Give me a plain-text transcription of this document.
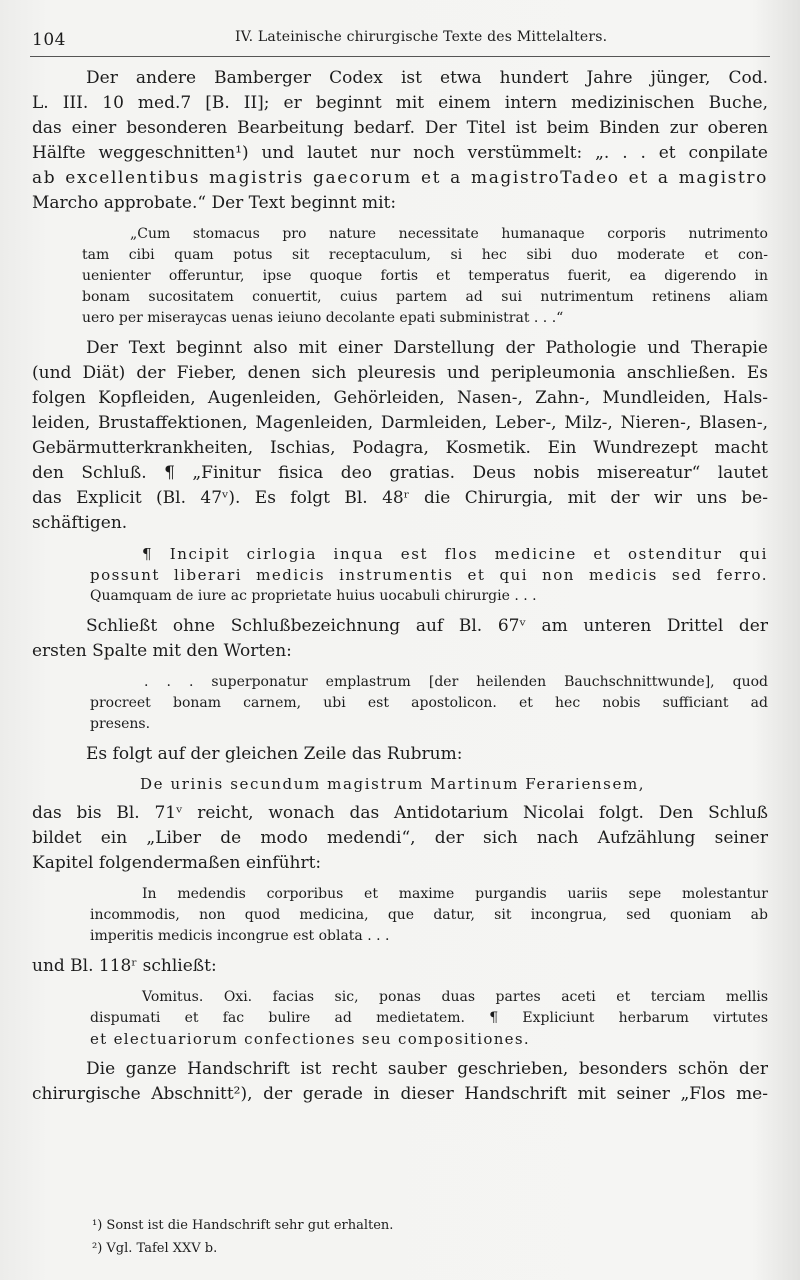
104	IV. Lateinische chirurgische Texte des Mittelalters.
Der andere Bamberger Codex ist etwa hundert Jahre jünger, Cod.
L. III. 10 med.7 [B. II]; er beginnt mit einem intern medizinischen Buche,
das einer besonderen Bearbeitung bedarf. Der Titel ist beim Binden zur oberen
Hälfte weggeschnitten¹) und lautet nur noch verstümmelt: „. . . et conpilate
ab excellentibus magistris gaecorum et a magistroTadeo et a magistro
Marcho approbate.“ Der Text beginnt mit:
„Cum stomacus pro nature necessitate humanaque corporis nutrimento
tam cibi quam potus sit receptaculum, si hec sibi duo moderate et con-
uenienter offeruntur, ipse quoque fortis et temperatus fuerit, ea digerendo in
bonam sucositatem conuertit, cuius partem ad sui nutrimentum retinens aliam
uero per miseraycas uenas ieiuno decolante epati subministrat . . .“
Der Text beginnt also mit einer Darstellung der Pathologie und Therapie
(und Diät) der Fieber, denen sich pleuresis und peripleumonia anschließen. Es
folgen Kopfleiden, Augenleiden, Gehörleiden, Nasen-, Zahn-, Mundleiden, Hals-
leiden, Brustaffektionen, Magenleiden, Darmleiden, Leber-, Milz-, Nieren-, Blasen-,
Gebärmutterkrankheiten, Ischias, Podagra, Kosmetik. Ein Wundrezept macht
den Schluß. ¶ „Finitur fisica deo gratias. Deus nobis misereatur“ lautet
das Explicit (Bl. 47ᵛ). Es folgt Bl. 48ʳ die Chirurgia, mit der wir uns be-
schäftigen.
¶ Incipit cirlogia inqua est flos medicine et ostenditur qui
possunt liberari medicis instrumentis et qui non medicis sed ferro.
Quamquam de iure ac proprietate huius uocabuli chirurgie . . .
Schließt ohne Schlußbezeichnung auf Bl. 67ᵛ am unteren Drittel der
ersten Spalte mit den Worten:
. . . superponatur emplastrum [der heilenden Bauchschnittwunde], quod
procreet bonam carnem, ubi est apostolicon. et hec nobis sufficiant ad
presens.
Es folgt auf der gleichen Zeile das Rubrum:
De urinis secundum magistrum Martinum Ferariensem,
das bis Bl. 71ᵛ reicht, wonach das Antidotarium Nicolai folgt. Den Schluß
bildet ein „Liber de modo medendi“, der sich nach Aufzählung seiner
Kapitel folgendermaßen einführt:
In medendis corporibus et maxime purgandis uariis sepe molestantur
incommodis, non quod medicina, que datur, sit incongrua, sed quoniam ab
imperitis medicis incongrue est oblata . . .
und Bl. 118ʳ schließt:
Vomitus. Oxi. facias sic, ponas duas partes aceti et terciam mellis
dispumati et fac bulire ad medietatem. ¶ Expliciunt herbarum virtutes
et electuariorum confectiones seu compositiones.
Die ganze Handschrift ist recht sauber geschrieben, besonders schön der
chirurgische Abschnitt²), der gerade in dieser Handschrift mit seiner „Flos me-
¹) Sonst ist die Handschrift sehr gut erhalten.
²) Vgl. Tafel XXV b.
